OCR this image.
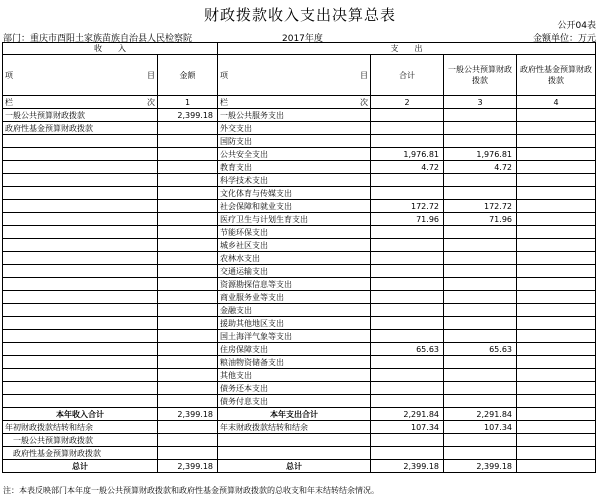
财政拨款收入支出决算总表
公开04表
部门：重庆市酉阳土家族苗族自治县人民检察院	2017年度	金额单位：万元
收　　入		支　　出			

项 目	金额	项 目	合计	一般公共预算财政拨款	政府性基金预算财政拨款

栏 次	1	栏 次	2	3	4
一般公共预算财政拨款	2,399.18	一般公共服务支出			
政府性基金预算财政拨款		外交支出			
		国防支出			
		公共安全支出	1,976.81	1,976.81	
		教育支出	4.72	4.72	
		科学技术支出			
		文化体育与传媒支出			
		社会保障和就业支出	172.72	172.72	
		医疗卫生与计划生育支出	71.96	71.96	
		节能环保支出			
		城乡社区支出			
		农林水支出			
		交通运输支出			
		资源勘探信息等支出			
		商业服务业等支出			
		金融支出			
		援助其他地区支出			
		国土海洋气象等支出			
		住房保障支出	65.63	65.63	
		粮油物资储备支出			
		其他支出			
		债务还本支出			
		债务付息支出			
本年收入合计	2,399.18	本年支出合计	2,291.84	2,291.84	
年初财政拨款结转和结余		年末财政拨款结转和结余	107.34	107.34	
一般公共预算财政拨款					
政府性基金预算财政拨款					
总计	2,399.18	总计	2,399.18	2,399.18	
注：本表反映部门本年度一般公共预算财政拨款和政府性基金预算财政拨款的总收支和年末结转结余情况。
